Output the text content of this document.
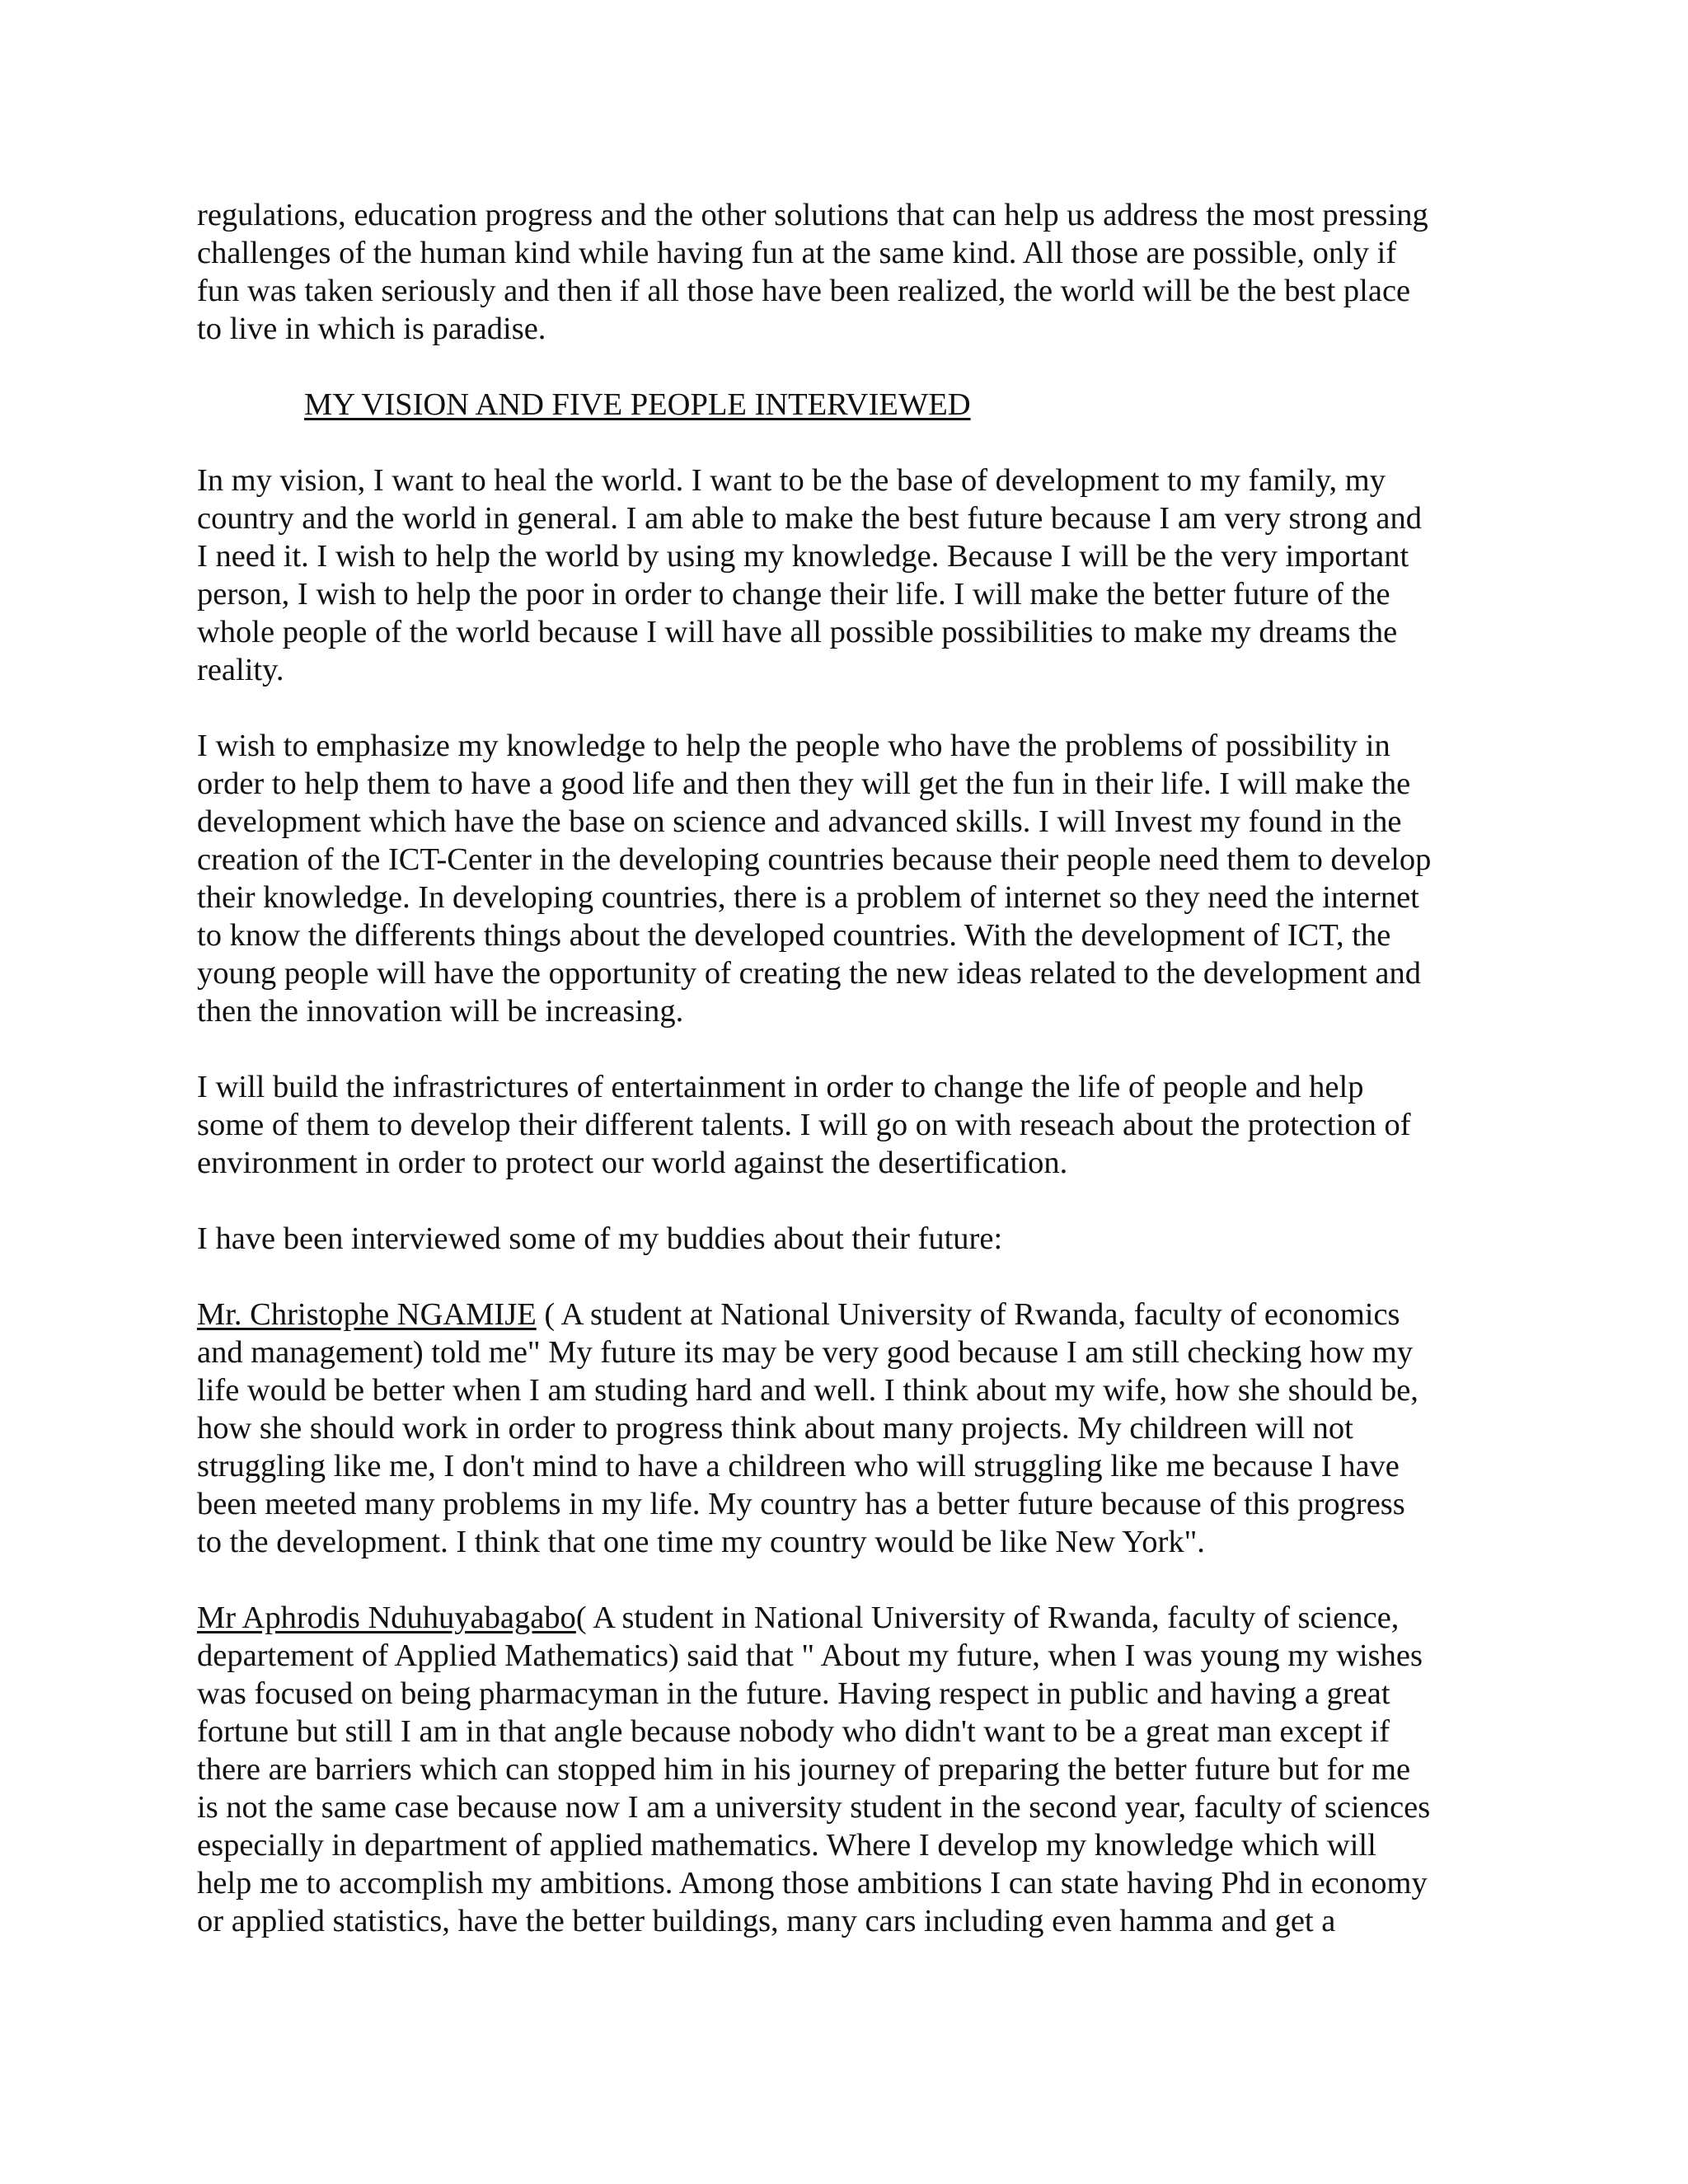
regulations, education progress and the other solutions that can help us address the most pressing
challenges of the human kind while having fun at the same kind. All those are possible, only if
fun was taken seriously and then if all those have been realized, the world will be the best place
to live in which is paradise.

MY VISION AND FIVE PEOPLE INTERVIEWED

In my vision, I want to heal the world. I want to be the base of development to my family, my
country and the world in general. I am able to make the best future because I am very strong and
I need it. I wish to help the world by using my knowledge. Because I will be the very important
person, I wish to help the poor in order to change their life. I will make the better future of the
whole people of the world because I will have all possible possibilities to make my dreams the
reality.

I wish to emphasize my knowledge to help the people who have the problems of possibility in
order to help them to have a good life and then they will get the fun in their life. I will make the
development which have the base on science and advanced skills. I will Invest my found in the
creation of the ICT-Center in the developing countries because their people need them to develop
their knowledge. In developing countries, there is a problem of internet so they need the internet
to know the differents things about the developed countries. With the development of ICT, the
young people will have the opportunity of creating the new ideas related to the development and
then the innovation will be increasing.

I will build the infrastrictures of entertainment in order to change the life of people and help
some of them to develop their different talents. I will go on with reseach about the protection of
environment in order to protect our world against the desertification.

I have been interviewed some of my buddies about their future:

Mr. Christophe NGAMIJE ( A student at National University of Rwanda, faculty of economics
and management) told me" My future its may be very good because I am still checking how my
life would be better when I am studing hard and well. I think about my wife, how she should be,
how she should work in order to progress think about many projects. My childreen will not
struggling like me, I don't mind to have a childreen who will struggling like me because I have
been meeted many problems in my life. My country has a better future because of this progress
to the development. I think that one time my country would be like New York".

Mr Aphrodis Nduhuyabagabo( A student in National University of Rwanda, faculty of science,
departement of Applied Mathematics) said that " About my future, when I was young my wishes
was focused on being pharmacyman in the future. Having respect in public and having a great
fortune but still I am in that angle because nobody who didn't want to be a great man except if
there are barriers which can stopped him in his journey of preparing the better future but for me
is not the same case because now I am a university student in the second year, faculty of sciences
especially in department of applied mathematics. Where I develop my knowledge which will
help me to accomplish my ambitions. Among those ambitions I can state having Phd in economy
or applied statistics, have the better buildings, many cars including even hamma and get a
